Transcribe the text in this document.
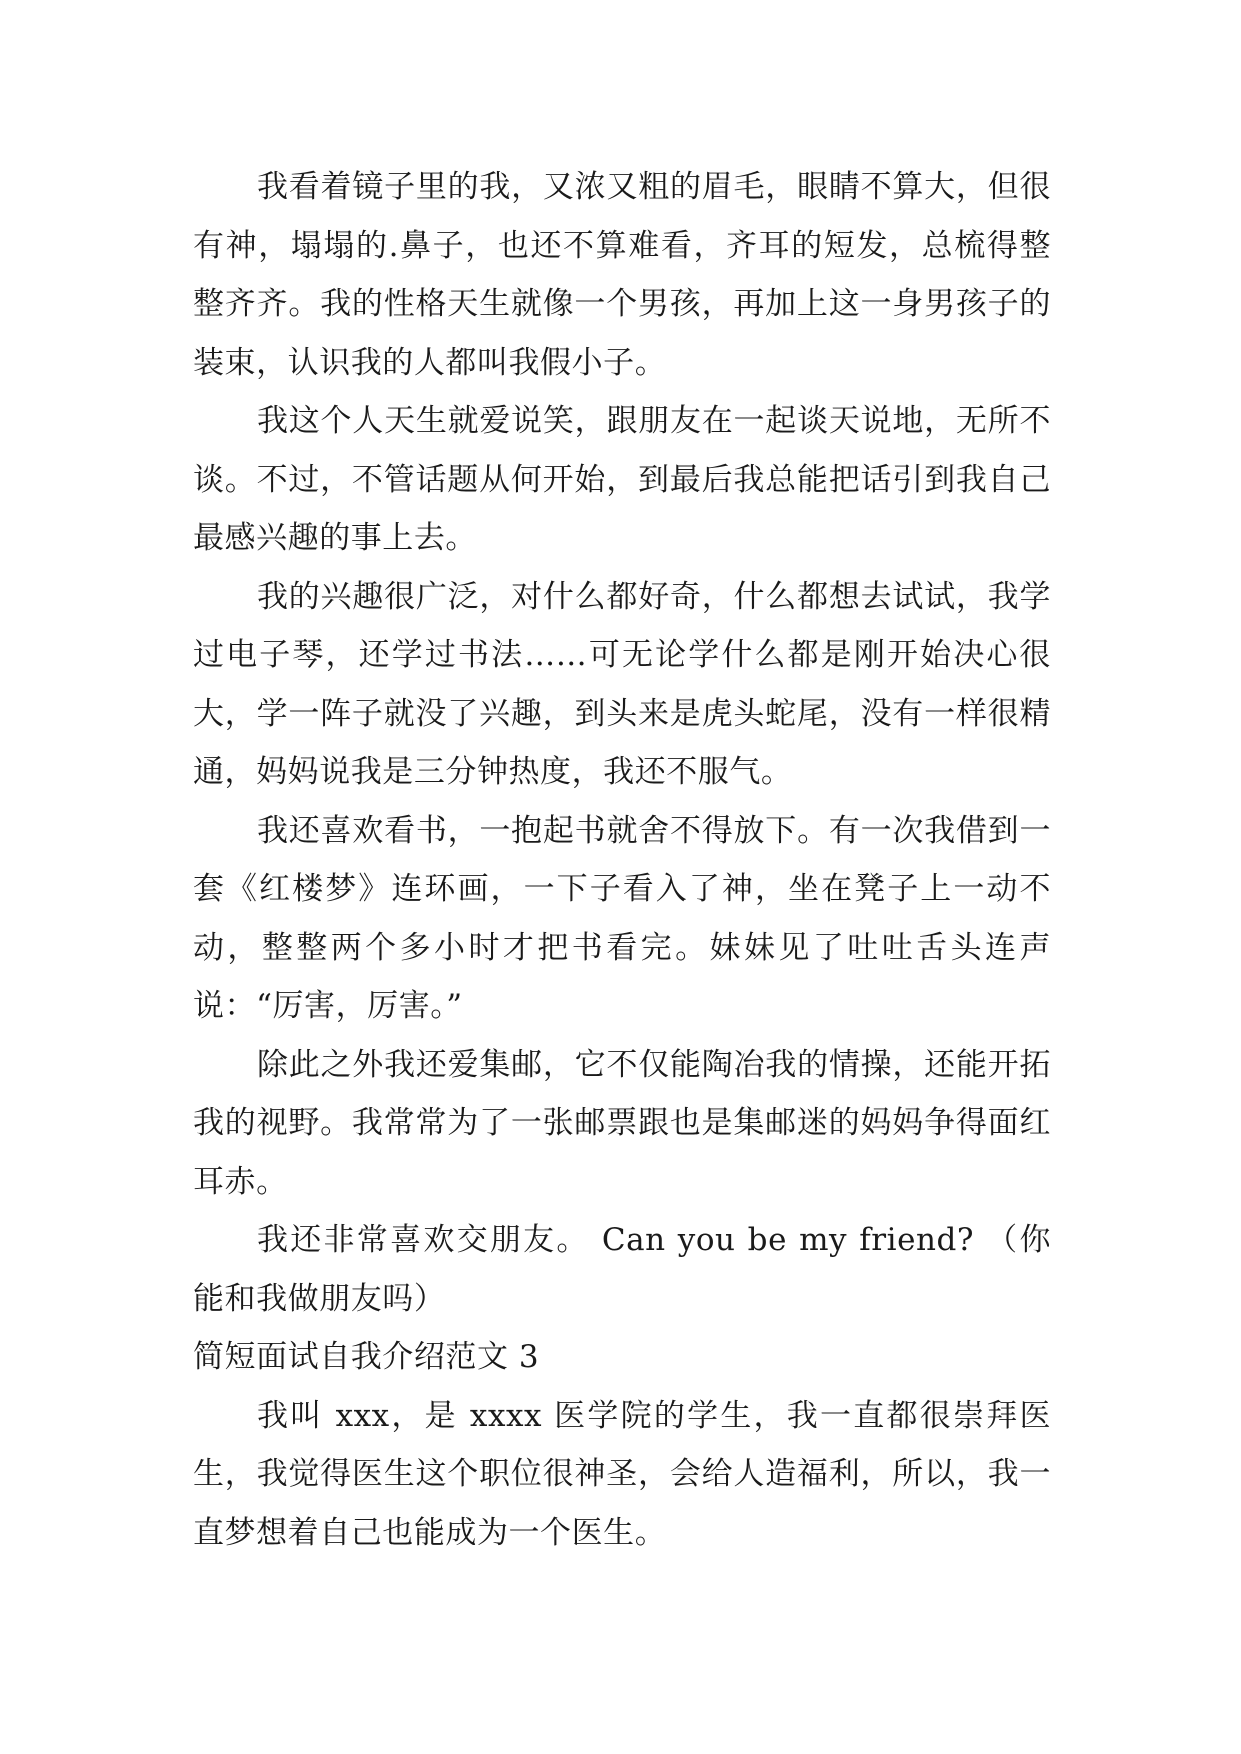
我看着镜子里的我，又浓又粗的眉毛，眼睛不算大，但很有神，塌塌的.鼻子，也还不算难看，齐耳的短发，总梳得整整齐齐。我的性格天生就像一个男孩，再加上这一身男孩子的装束，认识我的人都叫我假小子。

我这个人天生就爱说笑，跟朋友在一起谈天说地，无所不谈。不过，不管话题从何开始，到最后我总能把话引到我自己最感兴趣的事上去。

我的兴趣很广泛，对什么都好奇，什么都想去试试，我学过电子琴，还学过书法……可无论学什么都是刚开始决心很大，学一阵子就没了兴趣，到头来是虎头蛇尾，没有一样很精通，妈妈说我是三分钟热度，我还不服气。

我还喜欢看书，一抱起书就舍不得放下。有一次我借到一套《红楼梦》连环画，一下子看入了神，坐在凳子上一动不动，整整两个多小时才把书看完。妹妹见了吐吐舌头连声说：“厉害，厉害。”

除此之外我还爱集邮，它不仅能陶冶我的情操，还能开拓我的视野。我常常为了一张邮票跟也是集邮迷的妈妈争得面红耳赤。

我还非常喜欢交朋友。 Can you be my friend? （你能和我做朋友吗）

简短面试自我介绍范文 3

我叫 xxx，是 xxxx 医学院的学生，我一直都很崇拜医生，我觉得医生这个职位很神圣，会给人造福利，所以，我一直梦想着自己也能成为一个医生。
